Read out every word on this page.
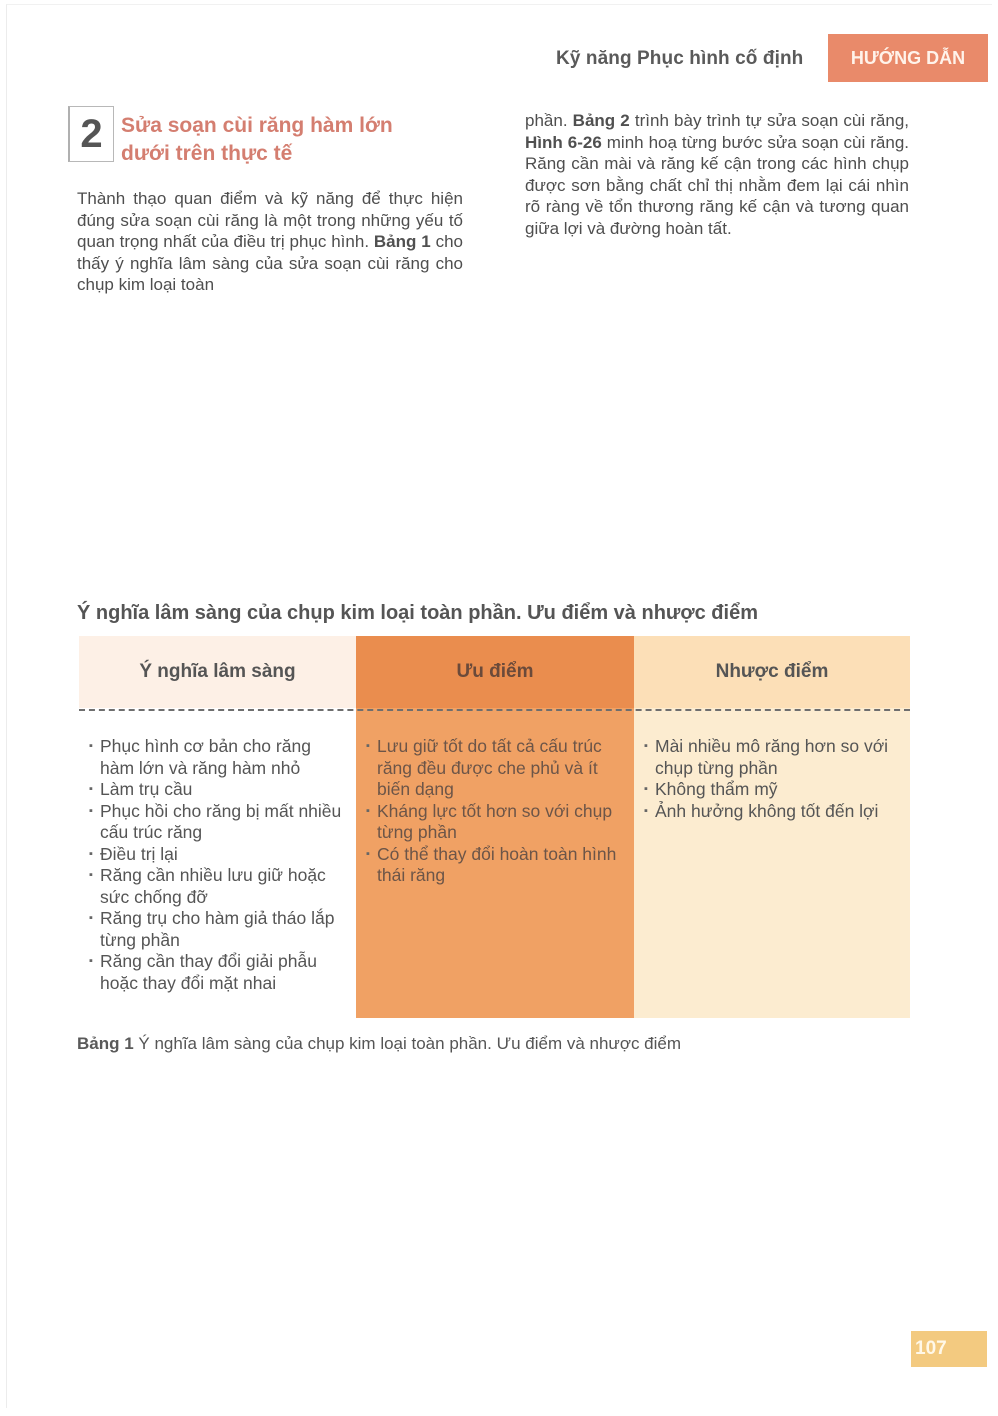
Kỹ năng Phục hình cố định	HƯỚNG DẪN
2 Sửa soạn cùi răng hàm lớn
dưới trên thực tế
Thành thạo quan điểm và kỹ năng để thực hiện đúng sửa soạn cùi răng là một trong những yếu tố quan trọng nhất của điều trị phục hình. Bảng 1 cho thấy ý nghĩa lâm sàng của sửa soạn cùi răng cho chụp kim loại toàn
phần. Bảng 2 trình bày trình tự sửa soạn cùi răng, Hình 6-26 minh hoạ từng bước sửa soạn cùi răng. Răng cần mài và răng kế cận trong các hình chụp được sơn bằng chất chỉ thị nhằm đem lại cái nhìn rõ ràng về tổn thương răng kế cận và tương quan giữa lợi và đường hoàn tất.
Ý nghĩa lâm sàng của chụp kim loại toàn phần. Ưu điểm và nhược điểm
Ý nghĩa lâm sàng
▪ Phục hình cơ bản cho răng hàm lớn và răng hàm nhỏ
▪ Làm trụ cầu
▪ Phục hồi cho răng bị mất nhiều cấu trúc răng
▪ Điều trị lại
▪ Răng cần nhiều lưu giữ hoặc sức chống đỡ
▪ Răng trụ cho hàm giả tháo lắp từng phần
▪ Răng cần thay đổi giải phẫu hoặc thay đổi mặt nhai
Ưu điểm
▪ Lưu giữ tốt do tất cả cấu trúc răng đều được che phủ và ít biến dạng
▪ Kháng lực tốt hơn so với chụp từng phần
▪ Có thể thay đổi hoàn toàn hình thái răng
Nhược điểm
▪ Mài nhiều mô răng hơn so với chụp từng phần
▪ Không thẩm mỹ
▪ Ảnh hưởng không tốt đến lợi
Bảng 1 Ý nghĩa lâm sàng của chụp kim loại toàn phần. Ưu điểm và nhược điểm
107
